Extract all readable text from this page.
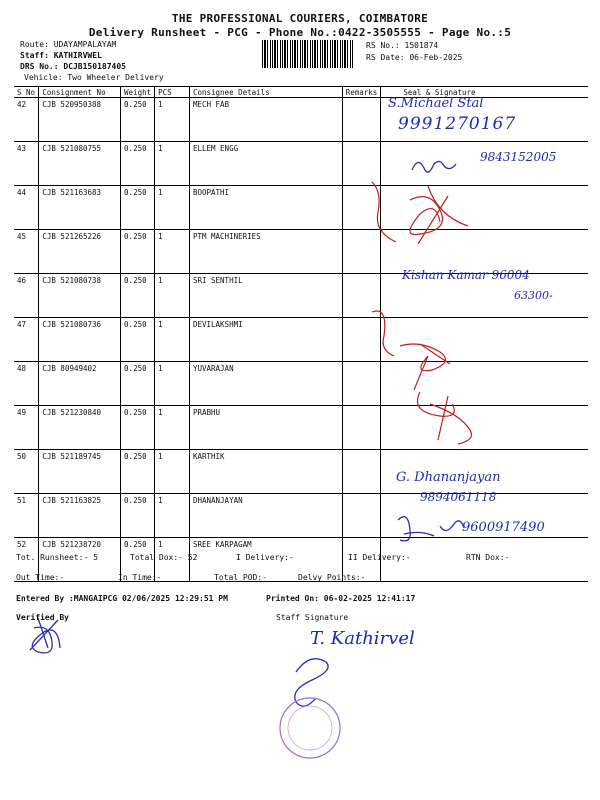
THE PROFESSIONAL COURIERS, COIMBATORE
Delivery Runsheet - PCG - Phone No.:0422-3505555 - Page No.:5
Route: UDAYAMPALAYAM
Staff: KATHIRVWEL
DRS No.: DCJB150187405
Vehicle: Two Wheeler Delivery
RS No.: 1501874
RS Date: 06-Feb-2025
S No	Consignment No	Weight	PCS	Consignee Details	Remarks	Seal & Signature
42	CJB 520950388	0.250	1	MECH FAB		
43	CJB 521080755	0.250	1	ELLEM ENGG		
44	CJB 521163683	0.250	1	BOOPATHI		
45	CJB 521265226	0.250	1	PTM MACHINERIES		
46	CJB 521080738	0.250	1	SRI SENTHIL		
47	CJB 521080736	0.250	1	DEVILAKSHMI		
48	CJB 80949402	0.250	1	YUVARAJAN		
49	CJB 521230840	0.250	1	PRABHU		
50	CJB 521189745	0.250	1	KARTHIK		
51	CJB 521163825	0.250	1	DHANANJAYAN		
52	CJB 521238720	0.250	1	SREE KARPAGAM		
S.Michael Stal
9991270167
9843152005
Kishan Kamar 96004
63300-
G. Dhananjayan
9894061118
9600917490
T. Kathirvel
Tot. Runsheet:- 5	Total Dox:- 52	I Delivery:-	II Delivery:-	RTN Dox:-
Out Time:-	In Time:-	Total POD:-	Delvy Points:-
Entered By :MANGAIPCG 02/06/2025 12:29:51 PM	Printed On: 06-02-2025 12:41:17
Verified By	Staff Signature
